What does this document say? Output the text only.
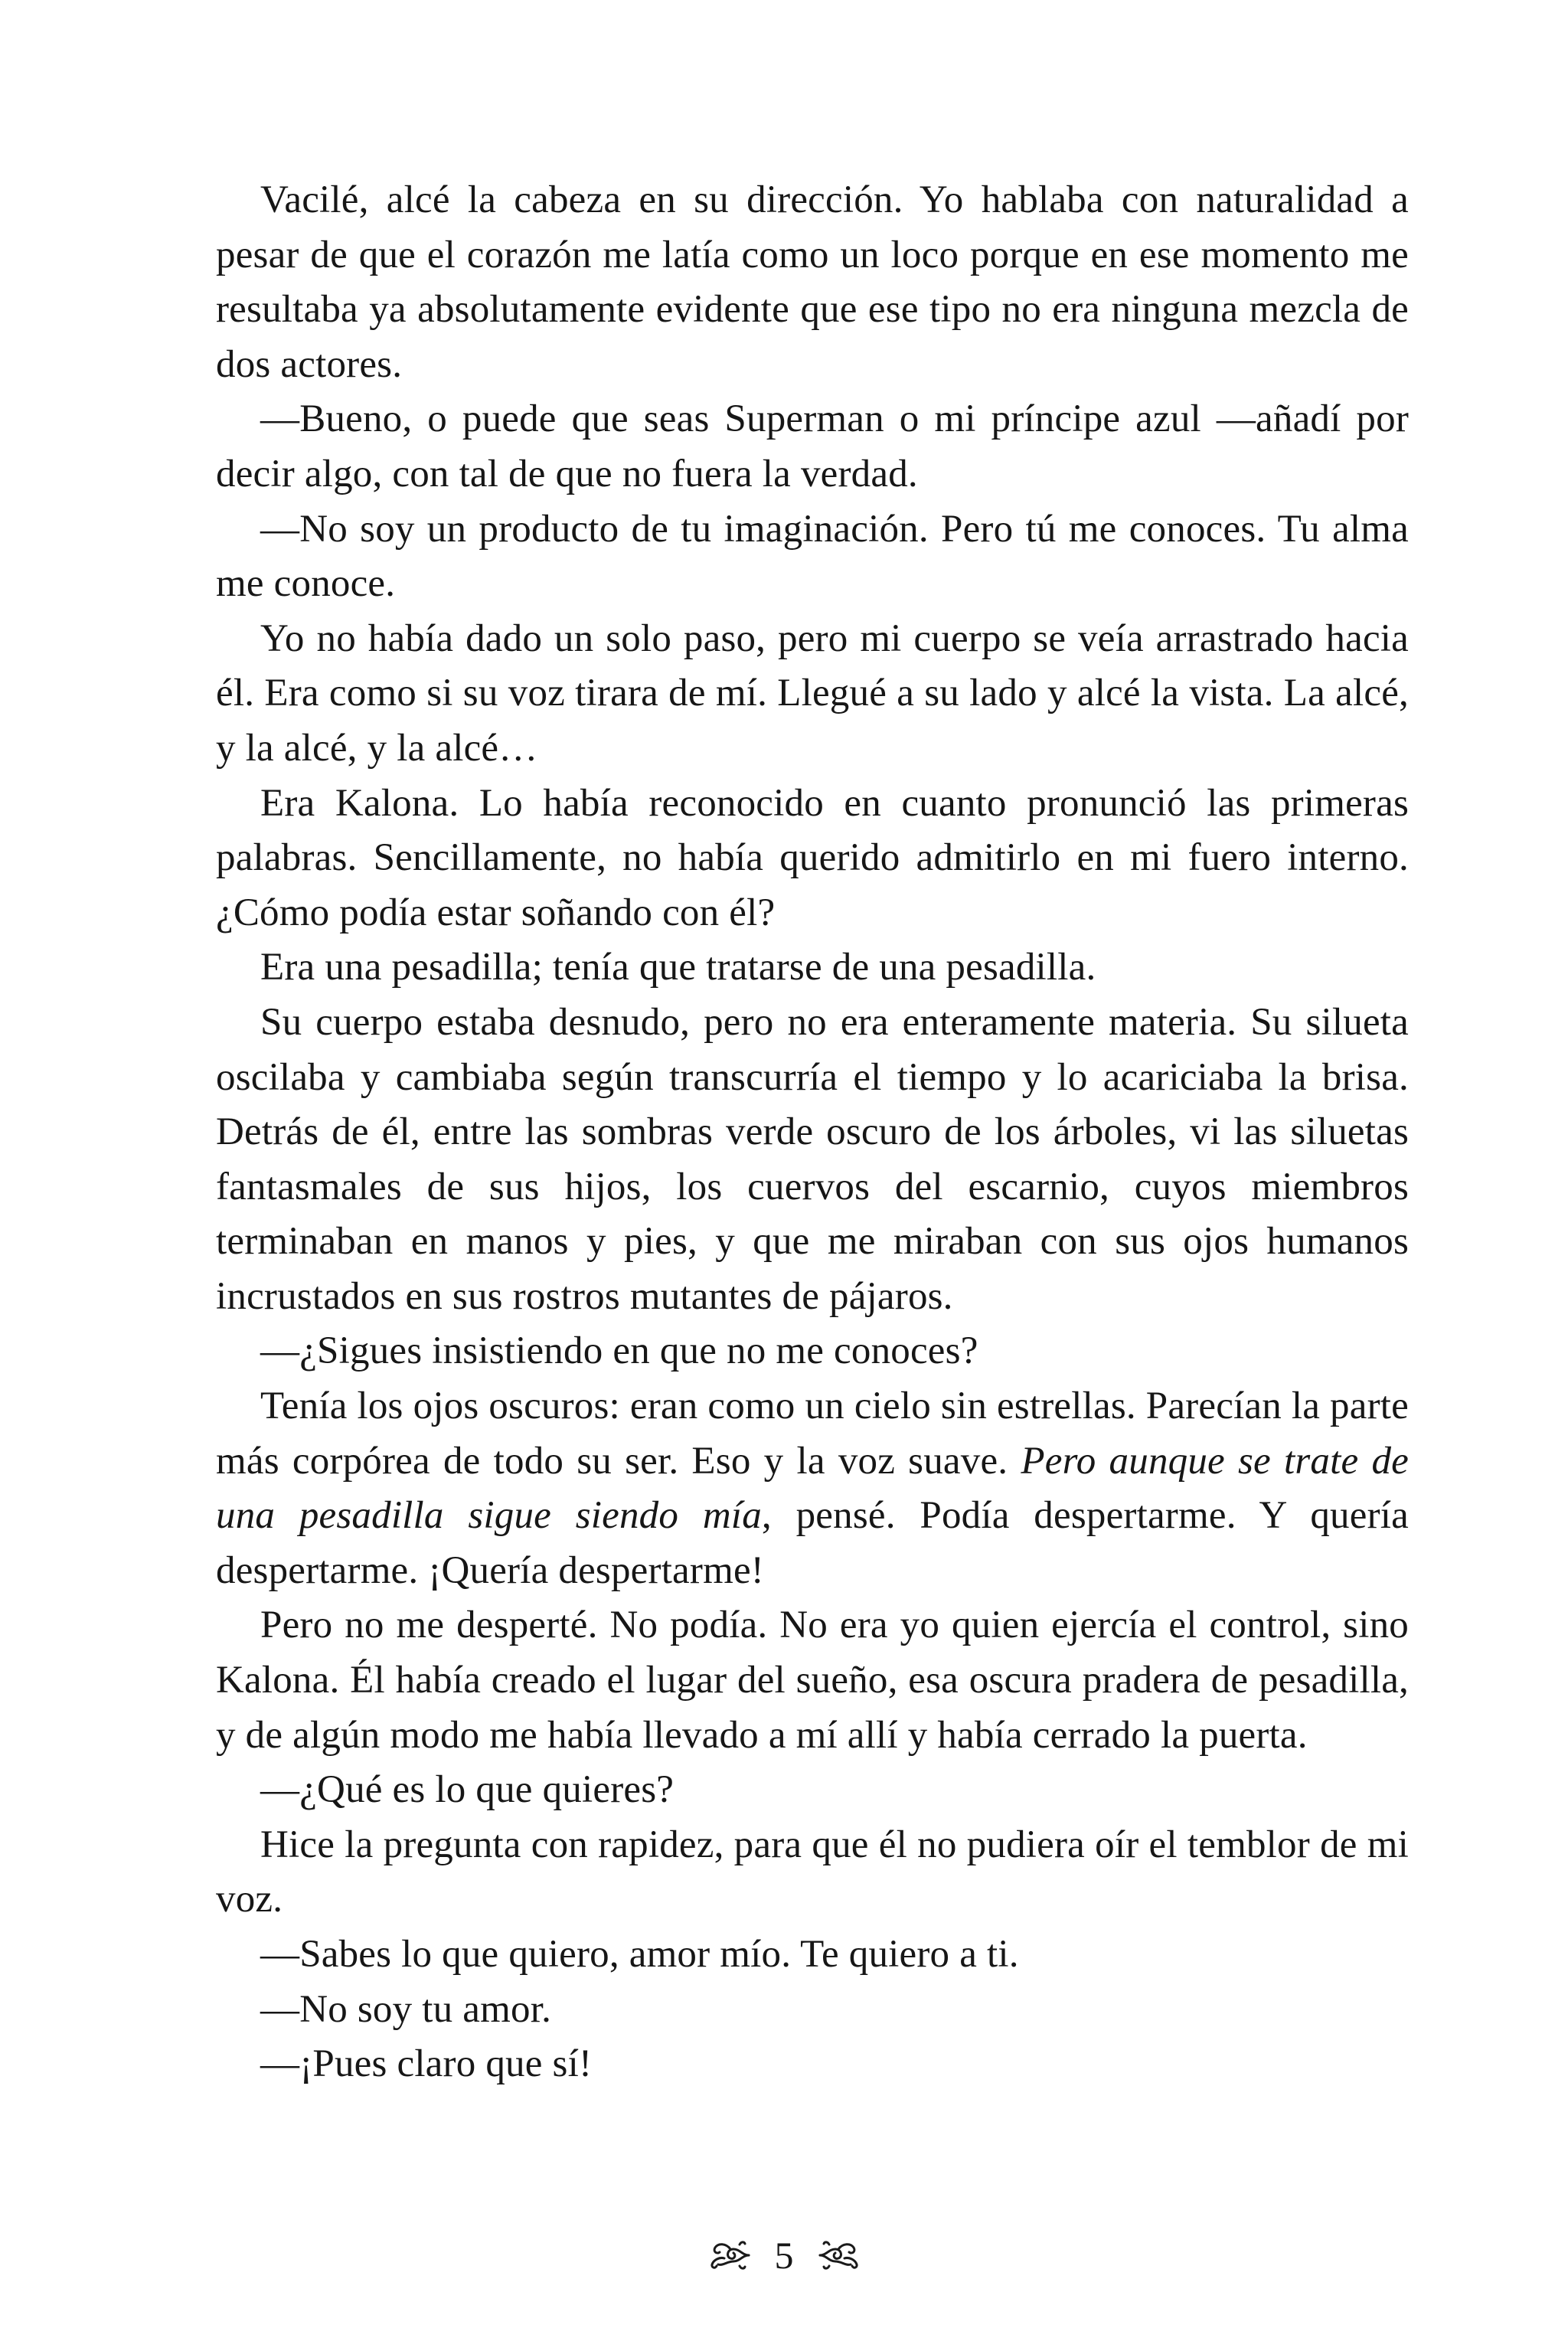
Vacilé, alcé la cabeza en su dirección. Yo hablaba con naturalidad a pesar de que el corazón me latía como un loco porque en ese momento me resultaba ya absolutamente evidente que ese tipo no era ninguna mezcla de dos actores.

—Bueno, o puede que seas Superman o mi príncipe azul —añadí por decir algo, con tal de que no fuera la verdad.

—No soy un producto de tu imaginación. Pero tú me conoces. Tu alma me conoce.

Yo no había dado un solo paso, pero mi cuerpo se veía arrastrado hacia él. Era como si su voz tirara de mí. Llegué a su lado y alcé la vista. La alcé, y la alcé, y la alcé…

Era Kalona. Lo había reconocido en cuanto pronunció las primeras palabras. Sencillamente, no había querido admitirlo en mi fuero interno. ¿Cómo podía estar soñando con él?

Era una pesadilla; tenía que tratarse de una pesadilla.

Su cuerpo estaba desnudo, pero no era enteramente materia. Su silueta oscilaba y cambiaba según transcurría el tiempo y lo acariciaba la brisa. Detrás de él, entre las sombras verde oscuro de los árboles, vi las siluetas fantasmales de sus hijos, los cuervos del escarnio, cuyos miembros terminaban en manos y pies, y que me miraban con sus ojos humanos incrustados en sus rostros mutantes de pájaros.

—¿Sigues insistiendo en que no me conoces?

Tenía los ojos oscuros: eran como un cielo sin estrellas. Parecían la parte más corpórea de todo su ser. Eso y la voz suave. Pero aunque se trate de una pesadilla sigue siendo mía, pensé. Podía despertarme. Y quería despertarme. ¡Quería despertarme!

Pero no me desperté. No podía. No era yo quien ejercía el control, sino Kalona. Él había creado el lugar del sueño, esa oscura pradera de pesadilla, y de algún modo me había llevado a mí allí y había cerrado la puerta.

—¿Qué es lo que quieres?

Hice la pregunta con rapidez, para que él no pudiera oír el temblor de mi voz.

—Sabes lo que quiero, amor mío. Te quiero a ti.

—No soy tu amor.

—¡Pues claro que sí!

5
